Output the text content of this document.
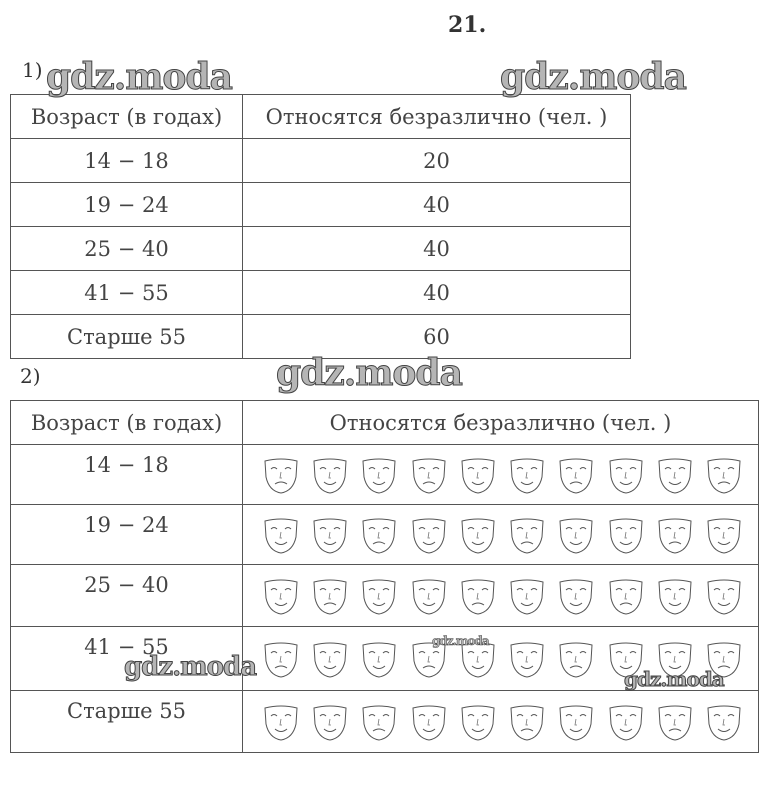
21.
1)
2)
Возраст (в годах)	Относятся безразлично (чел. )
14 − 18	20
19 − 24	40
25 − 40	40
41 − 55	40
Старше 55	60
Возраст (в годах)	Относятся безразлично (чел. )
14 − 18	

19 − 24	

25 − 40	

41 − 55	

Старше 55	
gdz.moda	gdz.moda
gdz.moda
gdz.moda	gdz.moda
gdz.moda
